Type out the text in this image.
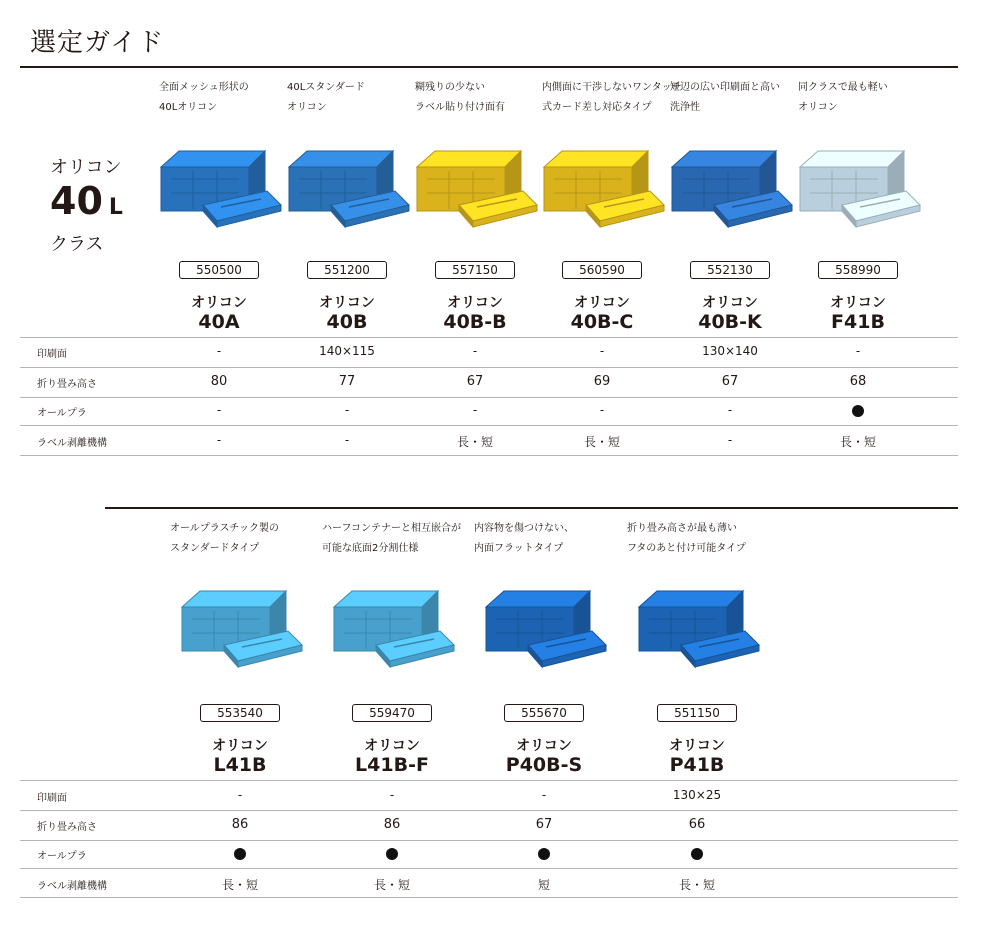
選定ガイド
オリコン
40 L
クラス
印刷面
折り畳み高さ
オールプラ
ラベル剥離機構
全面メッシュ形状の
40Lオリコン
550500
オリコン
40A
-
80
-
-
40Lスタンダード
オリコン
551200
オリコン
40B
140×115
77
-
-
糊残りの少ない
ラベル貼り付け面有
557150
オリコン
40B-B
-
67
-
長・短
内側面に干渉しないワンタッチ
式カード差し対応タイプ
560590
オリコン
40B-C
-
69
-
長・短
短辺の広い印刷面と高い
洗浄性
552130
オリコン
40B-K
130×140
67
-
-
同クラスで最も軽い
オリコン
558990
オリコン
F41B
-
68
長・短
印刷面
折り畳み高さ
オールプラ
ラベル剥離機構
オールプラスチック製の
スタンダードタイプ
553540
オリコン
L41B
-
86
長・短
ハーフコンテナーと相互嵌合が
可能な底面2分割仕様
559470
オリコン
L41B-F
-
86
長・短
内容物を傷つけない、
内面フラットタイプ
555670
オリコン
P40B-S
-
67
短
折り畳み高さが最も薄い
フタのあと付け可能タイプ
551150
オリコン
P41B
130×25
66
長・短
